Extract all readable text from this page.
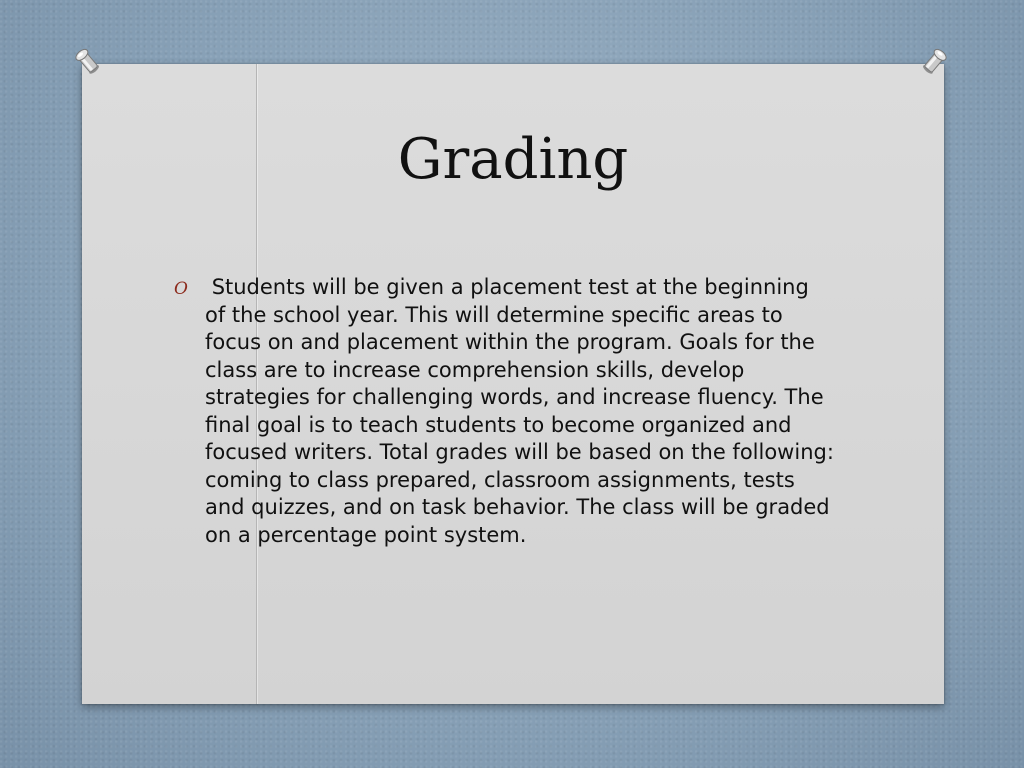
Grading
O Students will be given a placement test at the beginning of the school year. This will determine specific areas to focus on and placement within the program. Goals for the class are to increase comprehension skills, develop strategies for challenging words, and increase fluency. The final goal is to teach students to become organized and focused writers. Total grades will be based on the following: coming to class prepared, classroom assignments, tests and quizzes, and on task behavior. The class will be graded on a percentage point system.
